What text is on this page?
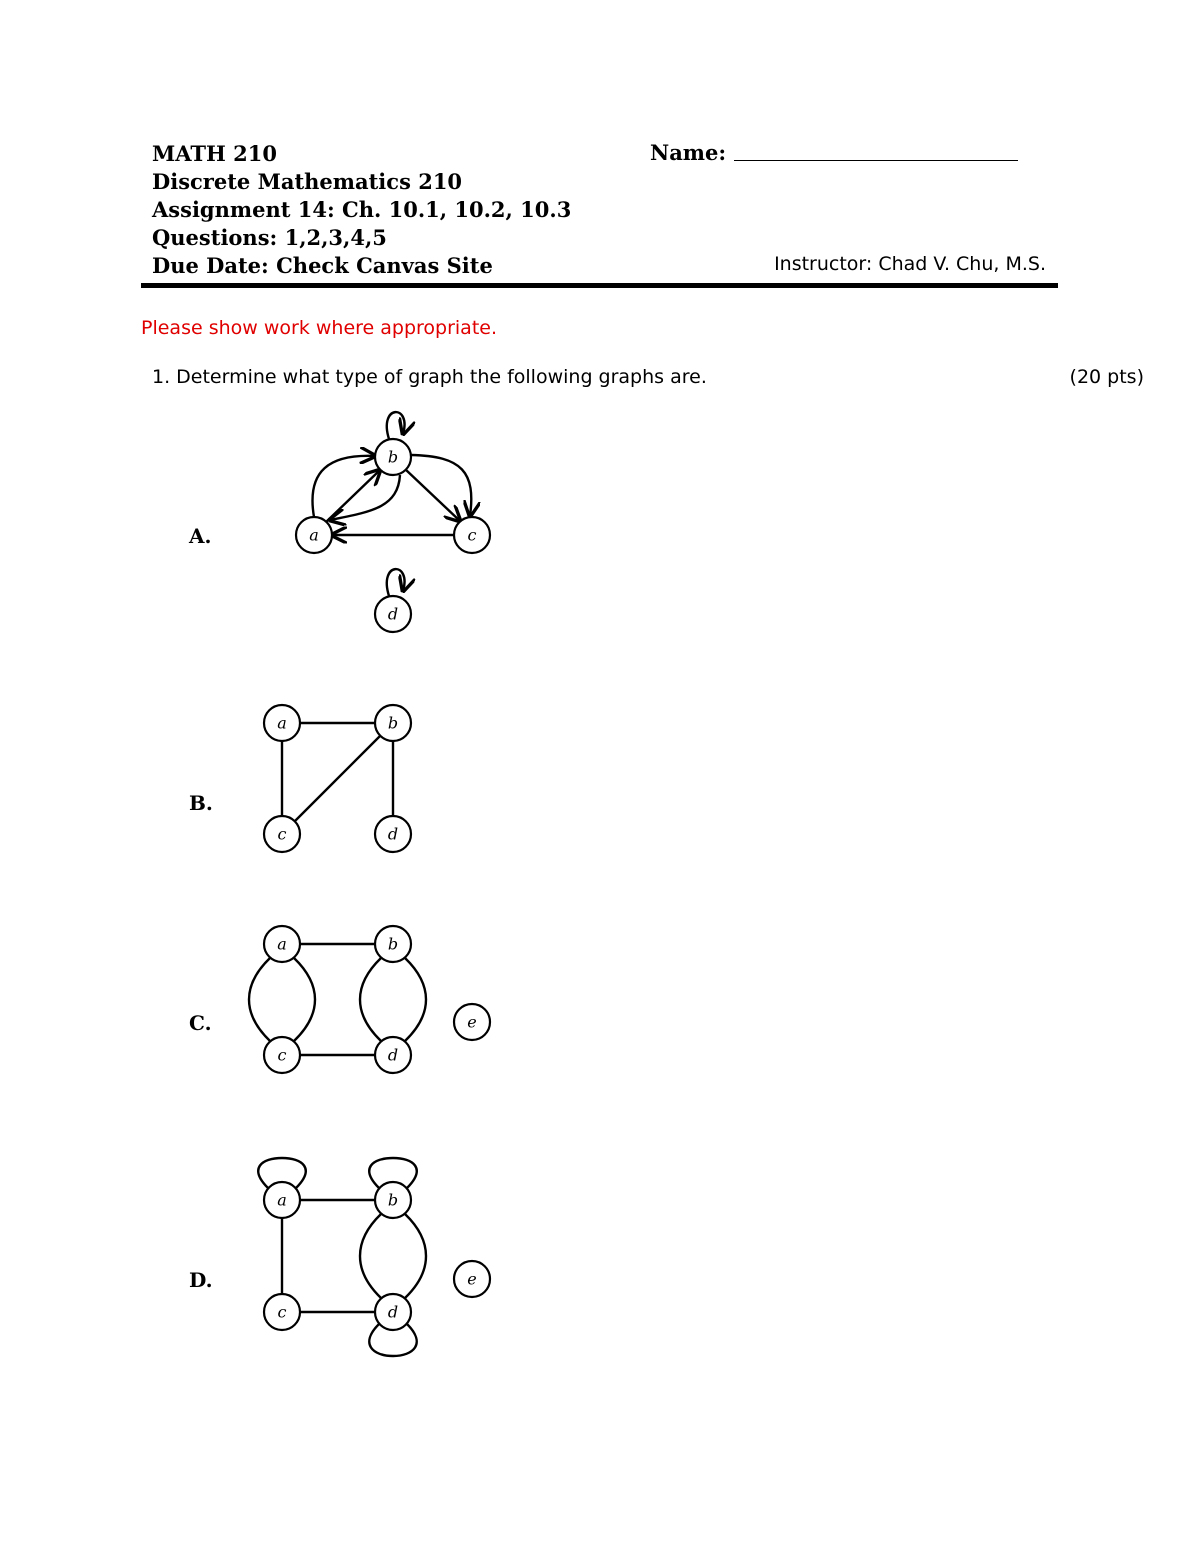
MATH 210
Discrete Mathematics 210
Assignment 14: Ch. 10.1, 10.2, 10.3
Questions: 1,2,3,4,5
Due Date: Check Canvas Site
Name:
Instructor: Chad V. Chu, M.S.
Please show work where appropriate.
1. Determine what type of graph the following graphs are.	(20 pts)
A.
B.
C.
D.
a
b
c
d
a	b
c	d
a	b
c	d
e
a	b
c	d
e
